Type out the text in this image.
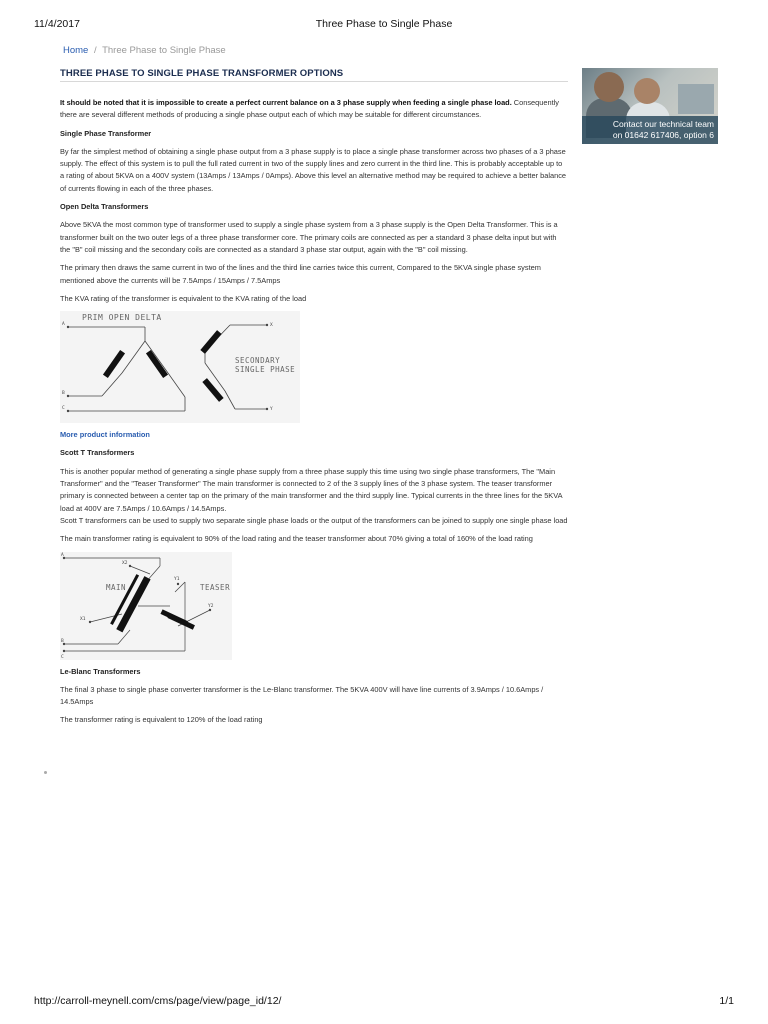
11/4/2017	Three Phase to Single Phase
Home / Three Phase to Single Phase
THREE PHASE TO SINGLE PHASE TRANSFORMER OPTIONS
Contact our technical team
on 01642 617406, option 6

It should be noted that it is impossible to create a perfect current balance on a 3 phase supply when feeding a single phase load. Consequently there are several different methods of producing a single phase output each of which may be suitable for different circumstances.

Single Phase Transformer

By far the simplest method of obtaining a single phase output from a 3 phase supply is to place a single phase transformer across two phases of a 3 phase supply. The effect of this system is to pull the full rated current in two of the supply lines and zero current in the third line. This is probably acceptable up to a rating of about 5KVA on a 400V system (13Amps / 13Amps / 0Amps). Above this level an alternative method may be required to achieve a better balance of currents flowing in each of the three phases.

Open Delta Transformers

Above 5KVA the most common type of transformer used to supply a single phase system from a 3 phase supply is the Open Delta Transformer. This is a transformer built on the two outer legs of a three phase transformer core. The primary coils are connected as per a standard 3 phase delta input but with the "B" coil missing and the secondary coils are connected as a standard 3 phase star output, again with the "B" coil missing.

The primary then draws the same current in two of the lines and the third line carries twice this current, Compared to the 5KVA single phase system mentioned above the currents will be 7.5Amps / 15Amps / 7.5Amps

The KVA rating of the transformer is equivalent to the KVA rating of the load

PRIM OPEN DELTA
A
B
C
X
Y
SECONDARY
SINGLE PHASE

More product information

Scott T Transformers

This is another popular method of generating a single phase supply from a three phase supply this time using two single phase transformers, The "Main Transformer" and the "Teaser Transformer" The main transformer is connected to 2 of the 3 supply lines of the 3 phase system. The teaser transformer primary is connected between a center tap on the primary of the main transformer and the third supply line. Typical currents in the three lines for the 5KVA load at 400V are 7.5Amps / 10.6Amps / 14.5Amps.

Scott T transformers can be used to supply two separate single phase loads or the output of the transformers can be joined to supply one single phase load

The main transformer rating is equivalent to 90% of the load rating and the teaser transformer about 70% giving a total of 160% of the load rating

A
B
C
X2
X1
Y1
Y2
MAIN	TEASER

Le-Blanc Transformers

The final 3 phase to single phase converter transformer is the Le-Blanc transformer. The 5KVA 400V will have line currents of 3.9Amps / 10.6Amps / 14.5Amps

The transformer rating is equivalent to 120% of the load rating

http://carroll-meynell.com/cms/page/view/page_id/12/	1/1
